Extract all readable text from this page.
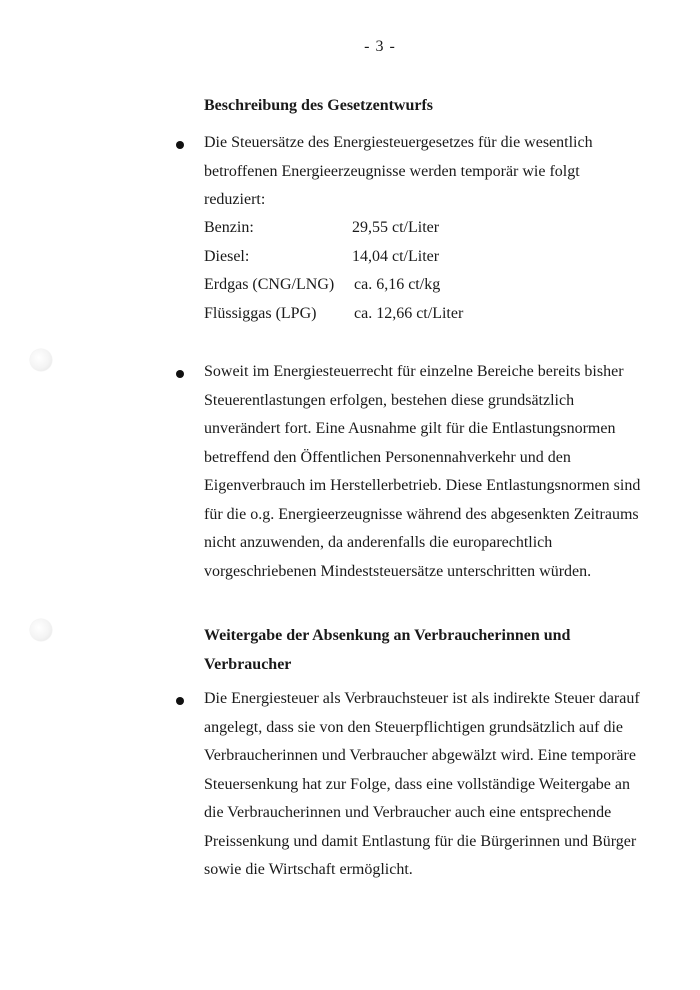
- 3 -
Beschreibung des Gesetzentwurfs
Die Steuersätze des Energiesteuergesetzes für die wesentlich betroffenen Energieerzeugnisse werden temporär wie folgt reduziert:
Benzin:	29,55 ct/Liter
Diesel:	14,04 ct/Liter
Erdgas (CNG/LNG)	ca. 6,16 ct/kg
Flüssiggas (LPG)	ca. 12,66 ct/Liter
Soweit im Energiesteuerrecht für einzelne Bereiche bereits bisher Steuerentlastungen erfolgen, bestehen diese grundsätzlich unverändert fort. Eine Ausnahme gilt für die Entlastungsnormen betreffend den Öffentlichen Personennahverkehr und den Eigenverbrauch im Herstellerbetrieb. Diese Entlastungsnormen sind für die o.g. Energieerzeugnisse während des abgesenkten Zeitraums nicht anzuwenden, da anderenfalls die europarechtlich vorgeschriebenen Mindeststeuersätze unterschritten würden.
Weitergabe der Absenkung an Verbraucherinnen und Verbraucher
Die Energiesteuer als Verbrauchsteuer ist als indirekte Steuer darauf angelegt, dass sie von den Steuerpflichtigen grundsätzlich auf die Verbraucherinnen und Verbraucher abgewälzt wird. Eine temporäre Steuersenkung hat zur Folge, dass eine vollständige Weitergabe an die Verbraucherinnen und Verbraucher auch eine entsprechende Preissenkung und damit Entlastung für die Bürgerinnen und Bürger sowie die Wirtschaft ermöglicht.
